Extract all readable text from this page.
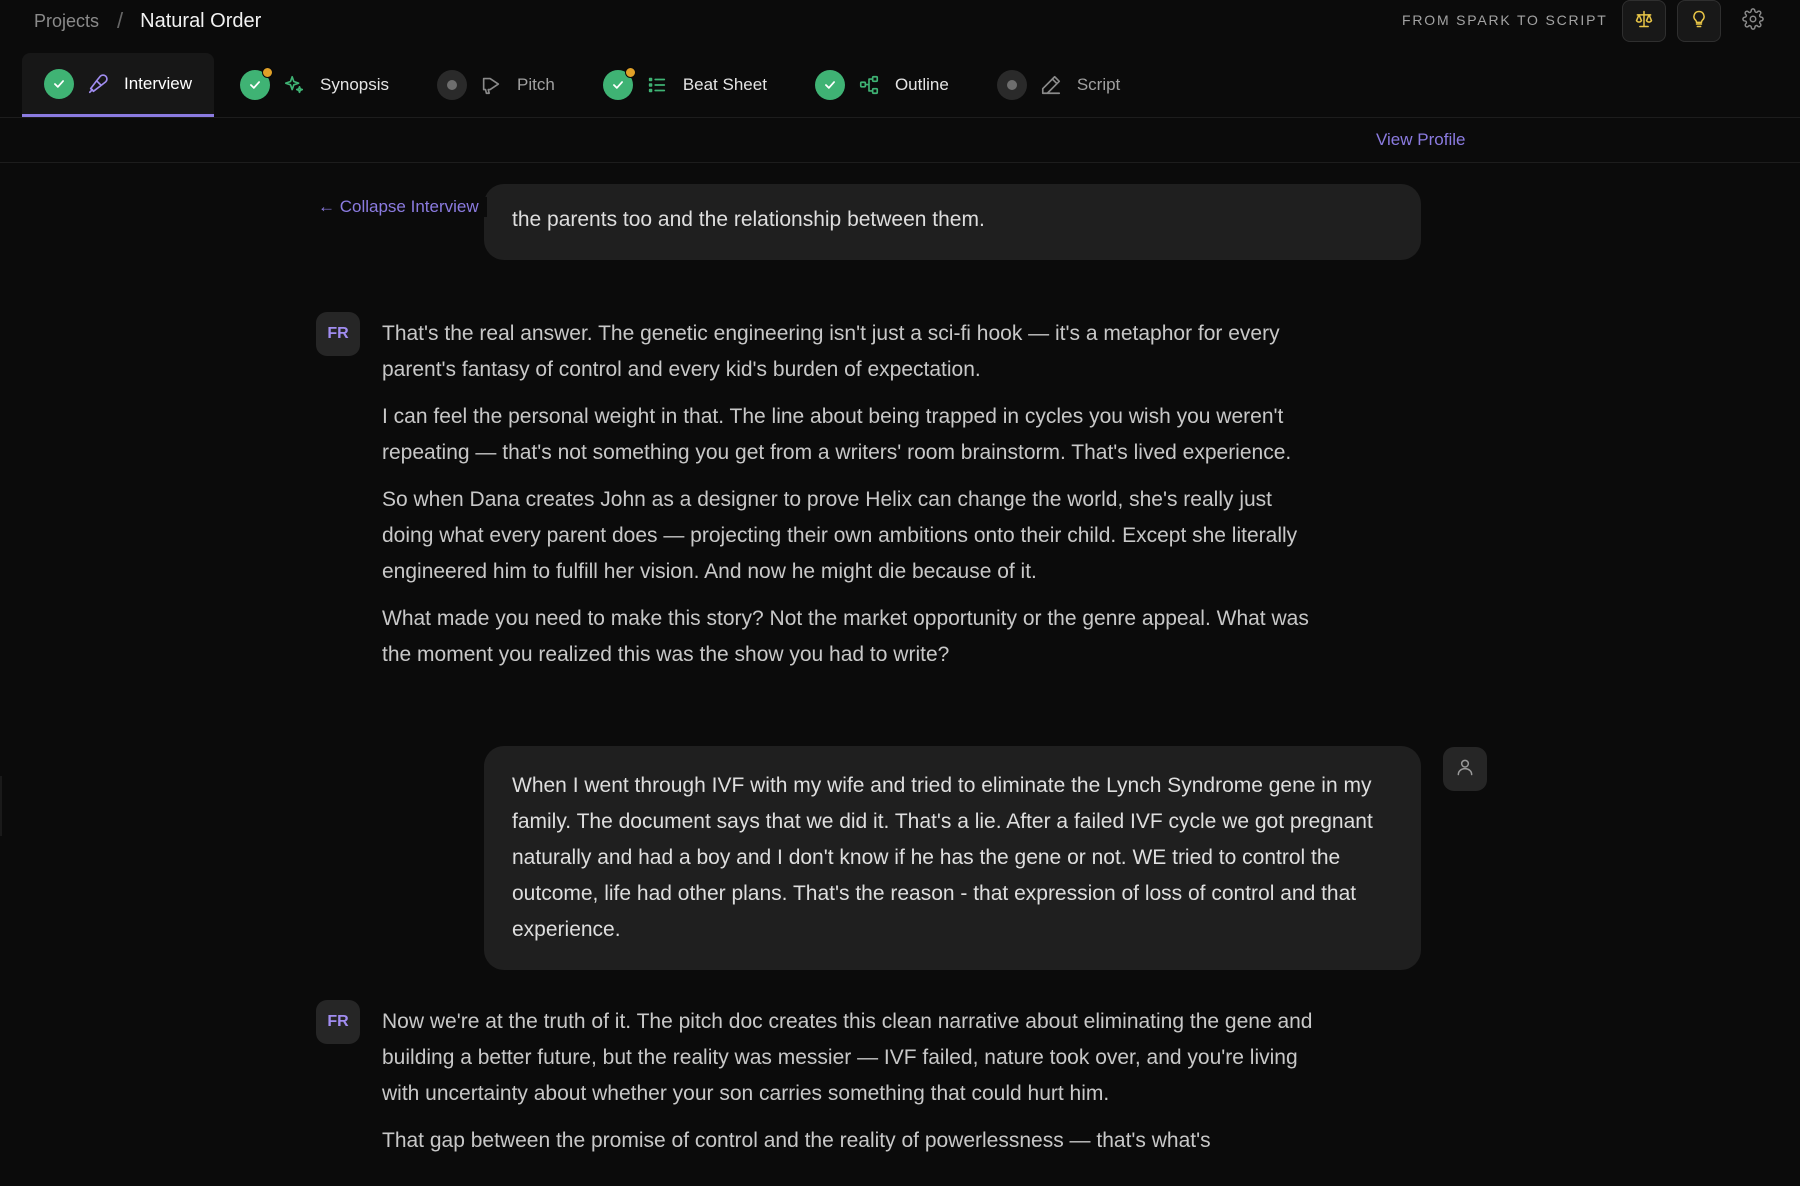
Projects / Natural Order	FROM SPARK TO SCRIPT
Interview	Synopsis	Pitch	Beat Sheet	Outline	Script
View Profile
← Collapse Interview
the parents too and the relationship between them.
FR	That's the real answer. The genetic engineering isn't just a sci-fi hook — it's a metaphor for every parent's fantasy of control and every kid's burden of expectation.

I can feel the personal weight in that. The line about being trapped in cycles you wish you weren't repeating — that's not something you get from a writers' room brainstorm. That's lived experience.

So when Dana creates John as a designer to prove Helix can change the world, she's really just doing what every parent does — projecting their own ambitions onto their child. Except she literally engineered him to fulfill her vision. And now he might die because of it.

What made you need to make this story? Not the market opportunity or the genre appeal. What was the moment you realized this was the show you had to write?

When I went through IVF with my wife and tried to eliminate the Lynch Syndrome gene in my family. The document says that we did it. That's a lie. After a failed IVF cycle we got pregnant naturally and had a boy and I don't know if he has the gene or not. WE tried to control the outcome, life had other plans. That's the reason - that expression of loss of control and that experience.
FR	Now we're at the truth of it. The pitch doc creates this clean narrative about eliminating the gene and building a better future, but the reality was messier — IVF failed, nature took over, and you're living with uncertainty about whether your son carries something that could hurt him.

That gap between the promise of control and the reality of powerlessness — that's what's
